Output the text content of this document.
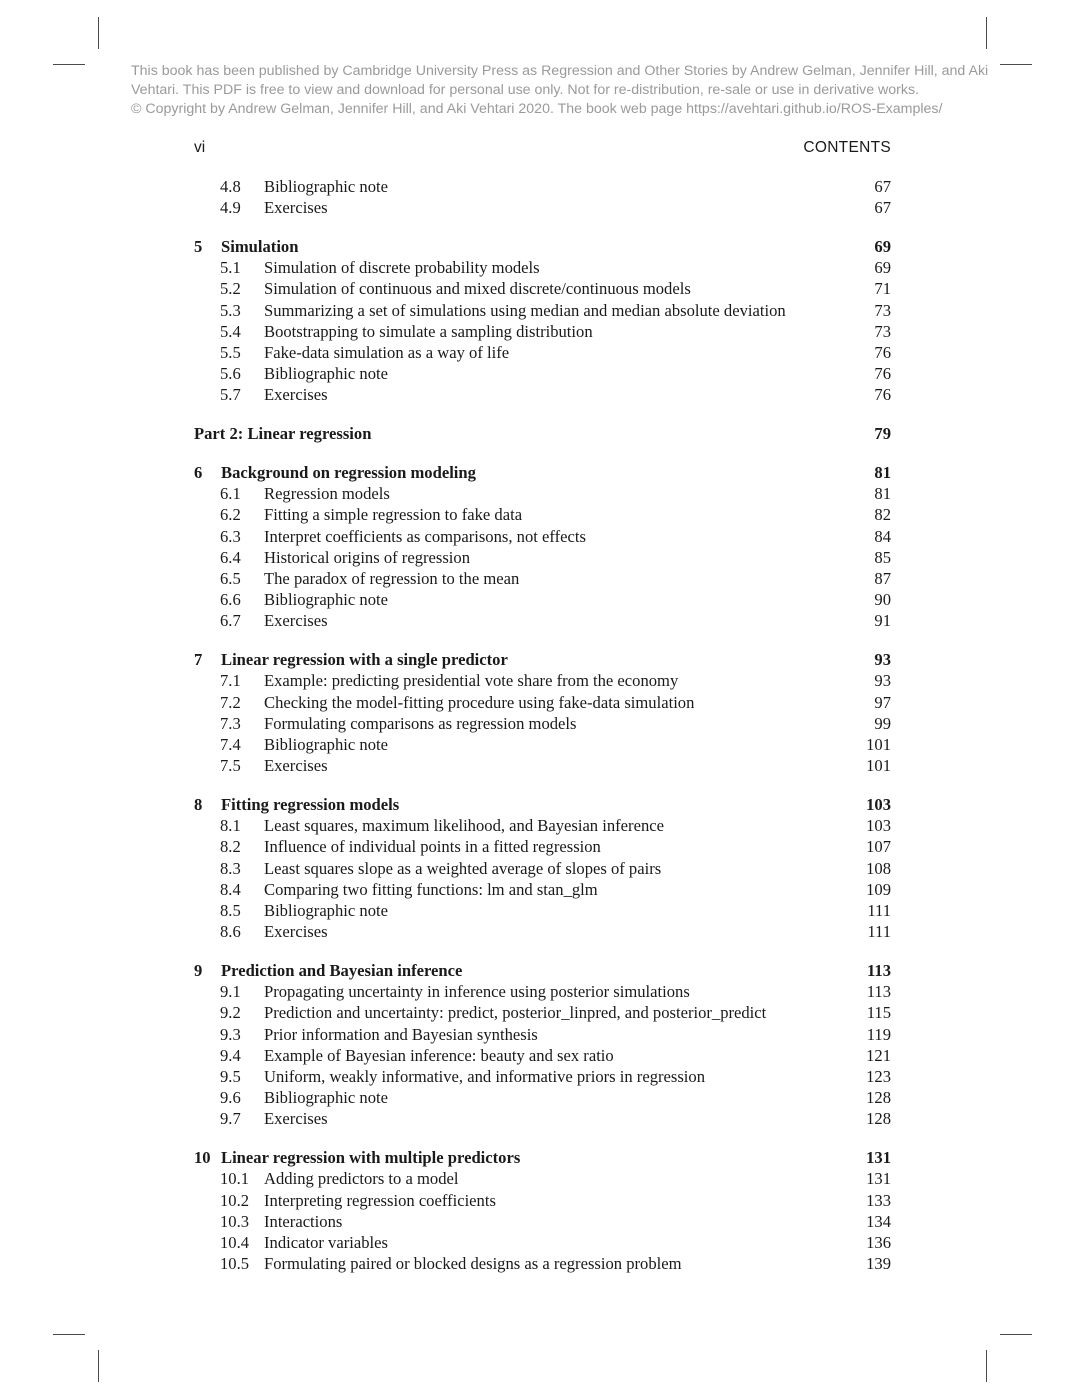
This book has been published by Cambridge University Press as Regression and Other Stories by Andrew Gelman, Jennifer Hill, and Aki
Vehtari. This PDF is free to view and download for personal use only. Not for re-distribution, re-sale or use in derivative works.
© Copyright by Andrew Gelman, Jennifer Hill, and Aki Vehtari 2020. The book web page https://avehtari.github.io/ROS-Examples/
vi	CONTENTS
4.8 Bibliographic note	67
4.9 Exercises	67
5 Simulation	69
5.1 Simulation of discrete probability models	69
5.2 Simulation of continuous and mixed discrete/continuous models	71
5.3 Summarizing a set of simulations using median and median absolute deviation	73
5.4 Bootstrapping to simulate a sampling distribution	73
5.5 Fake-data simulation as a way of life	76
5.6 Bibliographic note	76
5.7 Exercises	76
Part 2: Linear regression	79
6 Background on regression modeling	81
6.1 Regression models	81
6.2 Fitting a simple regression to fake data	82
6.3 Interpret coefficients as comparisons, not effects	84
6.4 Historical origins of regression	85
6.5 The paradox of regression to the mean	87
6.6 Bibliographic note	90
6.7 Exercises	91
7 Linear regression with a single predictor	93
7.1 Example: predicting presidential vote share from the economy	93
7.2 Checking the model-fitting procedure using fake-data simulation	97
7.3 Formulating comparisons as regression models	99
7.4 Bibliographic note	101
7.5 Exercises	101
8 Fitting regression models	103
8.1 Least squares, maximum likelihood, and Bayesian inference	103
8.2 Influence of individual points in a fitted regression	107
8.3 Least squares slope as a weighted average of slopes of pairs	108
8.4 Comparing two fitting functions: lm and stan_glm	109
8.5 Bibliographic note	111
8.6 Exercises	111
9 Prediction and Bayesian inference	113
9.1 Propagating uncertainty in inference using posterior simulations	113
9.2 Prediction and uncertainty: predict, posterior_linpred, and posterior_predict	115
9.3 Prior information and Bayesian synthesis	119
9.4 Example of Bayesian inference: beauty and sex ratio	121
9.5 Uniform, weakly informative, and informative priors in regression	123
9.6 Bibliographic note	128
9.7 Exercises	128
10 Linear regression with multiple predictors	131
10.1 Adding predictors to a model	131
10.2 Interpreting regression coefficients	133
10.3 Interactions	134
10.4 Indicator variables	136
10.5 Formulating paired or blocked designs as a regression problem	139
